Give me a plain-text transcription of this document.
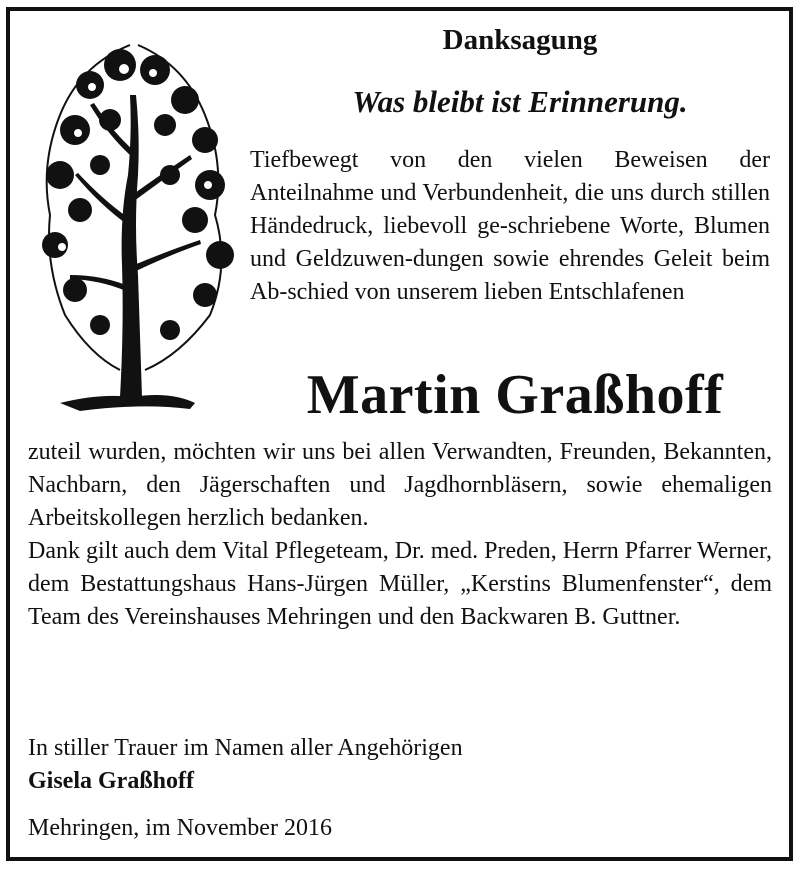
Danksagung
Was bleibt ist Erinnerung.
Tiefbewegt von den vielen Beweisen der Anteilnahme und Verbundenheit, die uns durch stillen Händedruck, liebevoll ge-schriebene Worte, Blumen und Geldzuwen-dungen sowie ehrendes Geleit beim Ab-schied von unserem lieben Entschlafenen
Martin Graßhoff

zuteil wurden, möchten wir uns bei allen Verwandten, Freunden, Bekannten, Nachbarn, den Jägerschaften und Jagdhornbläsern, sowie ehemaligen Arbeitskollegen herzlich bedanken.

Dank gilt auch dem Vital Pflegeteam, Dr. med. Preden, Herrn Pfarrer Werner, dem Bestattungshaus Hans-Jürgen Müller, „Kerstins Blumenfenster“, dem Team des Vereinshauses Mehringen und den Backwaren B. Guttner.

In stiller Trauer im Namen aller Angehörigen
Gisela Graßhoff
Mehringen, im November 2016
